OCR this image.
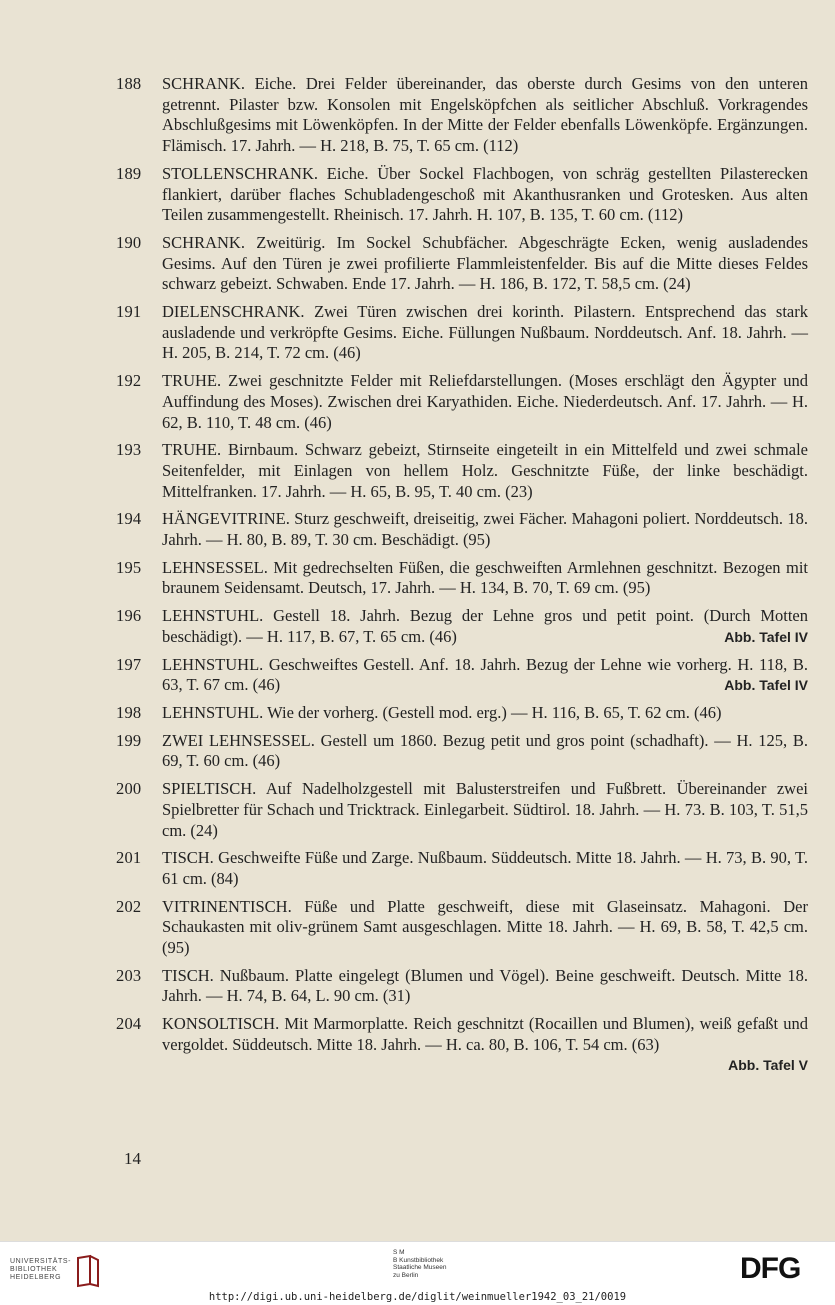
188	SCHRANK. Eiche. Drei Felder übereinander, das oberste durch Gesims von den unteren getrennt. Pilaster bzw. Konsolen mit Engelsköpfchen als seitlicher Abschluß. Vorkragendes Abschlußgesims mit Löwenköpfen. In der Mitte der Felder ebenfalls Löwenköpfe. Ergänzungen. Flämisch. 17. Jahrh. — H. 218, B. 75, T. 65 cm. (112)
189	STOLLENSCHRANK. Eiche. Über Sockel Flachbogen, von schräg gestellten Pilasterecken flankiert, darüber flaches Schubladengeschoß mit Akanthusranken und Grotesken. Aus alten Teilen zusammengestellt. Rheinisch. 17. Jahrh. H. 107, B. 135, T. 60 cm. (112)
190	SCHRANK. Zweitürig. Im Sockel Schubfächer. Abgeschrägte Ecken, wenig ausladendes Gesims. Auf den Türen je zwei profilierte Flammleistenfelder. Bis auf die Mitte dieses Feldes schwarz gebeizt. Schwaben. Ende 17. Jahrh. — H. 186, B. 172, T. 58,5 cm. (24)
191	DIELENSCHRANK. Zwei Türen zwischen drei korinth. Pilastern. Entsprechend das stark ausladende und verkröpfte Gesims. Eiche. Füllungen Nußbaum. Norddeutsch. Anf. 18. Jahrh. — H. 205, B. 214, T. 72 cm. (46)
192	TRUHE. Zwei geschnitzte Felder mit Reliefdarstellungen. (Moses erschlägt den Ägypter und Auffindung des Moses). Zwischen drei Karyathiden. Eiche. Niederdeutsch. Anf. 17. Jahrh. — H. 62, B. 110, T. 48 cm. (46)
193	TRUHE. Birnbaum. Schwarz gebeizt, Stirnseite eingeteilt in ein Mittelfeld und zwei schmale Seitenfelder, mit Einlagen von hellem Holz. Geschnitzte Füße, der linke beschädigt. Mittelfranken. 17. Jahrh. — H. 65, B. 95, T. 40 cm. (23)
194	HÄNGEVITRINE. Sturz geschweift, dreiseitig, zwei Fächer. Mahagoni poliert. Norddeutsch. 18. Jahrh. — H. 80, B. 89, T. 30 cm. Beschädigt. (95)
195	LEHNSESSEL. Mit gedrechselten Füßen, die geschweiften Armlehnen geschnitzt. Bezogen mit braunem Seidensamt. Deutsch, 17. Jahrh. — H. 134, B. 70, T. 69 cm. (95)
196	LEHNSTUHL. Gestell 18. Jahrh. Bezug der Lehne gros und petit point. (Durch Motten beschädigt). — H. 117, B. 67, T. 65 cm. (46)	Abb. Tafel IV
197	LEHNSTUHL. Geschweiftes Gestell. Anf. 18. Jahrh. Bezug der Lehne wie vorherg. H. 118, B. 63, T. 67 cm. (46)	Abb. Tafel IV
198	LEHNSTUHL. Wie der vorherg. (Gestell mod. erg.) — H. 116, B. 65, T. 62 cm. (46)
199	ZWEI LEHNSESSEL. Gestell um 1860. Bezug petit und gros point (schadhaft). — H. 125, B. 69, T. 60 cm. (46)
200	SPIELTISCH. Auf Nadelholzgestell mit Balusterstreifen und Fußbrett. Übereinander zwei Spielbretter für Schach und Tricktrack. Einlegarbeit. Südtirol. 18. Jahrh. — H. 73. B. 103, T. 51,5 cm. (24)
201	TISCH. Geschweifte Füße und Zarge. Nußbaum. Süddeutsch. Mitte 18. Jahrh. — H. 73, B. 90, T. 61 cm. (84)
202	VITRINENTISCH. Füße und Platte geschweift, diese mit Glaseinsatz. Mahagoni. Der Schaukasten mit oliv-grünem Samt ausgeschlagen. Mitte 18. Jahrh. — H. 69, B. 58, T. 42,5 cm. (95)
203	TISCH. Nußbaum. Platte eingelegt (Blumen und Vögel). Beine geschweift. Deutsch. Mitte 18. Jahrh. — H. 74, B. 64, L. 90 cm. (31)
204	KONSOLTISCH. Mit Marmorplatte. Reich geschnitzt (Rocaillen und Blumen), weiß gefaßt und vergoldet. Süddeutsch. Mitte 18. Jahrh. — H. ca. 80, B. 106, T. 54 cm. (63)
Abb. Tafel V
14
UNIVERSITÄTS-
BIBLIOTHEK
HEIDELBERG
S M
B Kunstbibliothek
Staatliche Museen
zu Berlin	DFG
http://digi.ub.uni-heidelberg.de/diglit/weinmueller1942_03_21/0019
